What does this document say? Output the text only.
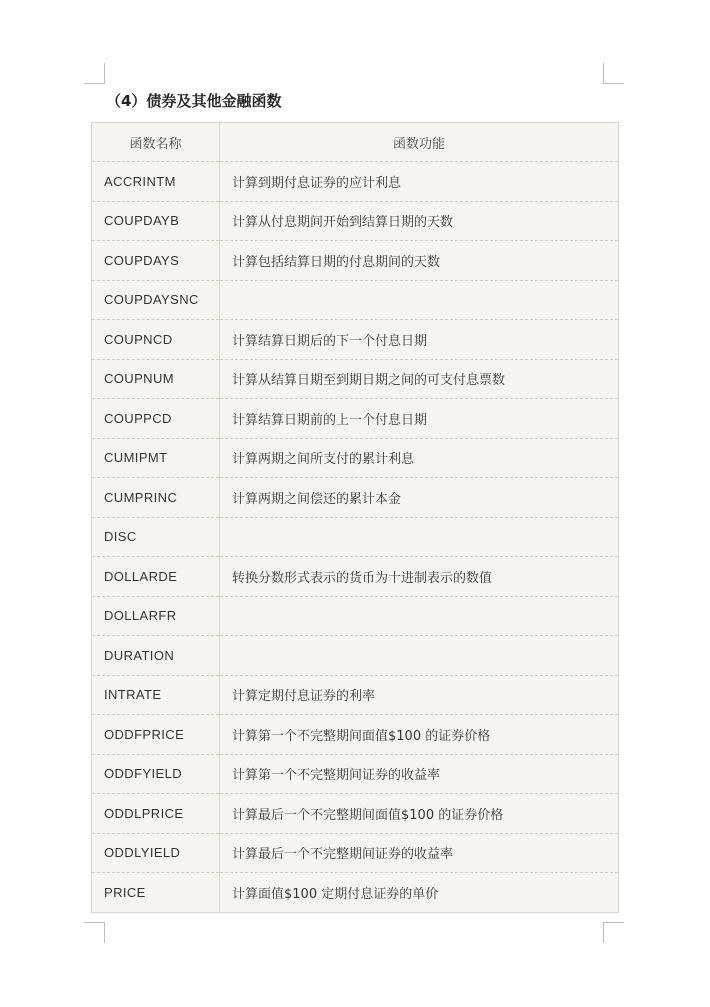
（4）债券及其他金融函数
函数名称	函数功能
ACCRINTM	计算到期付息证券的应计利息
COUPDAYB	计算从付息期间开始到结算日期的天数
COUPDAYS	计算包括结算日期的付息期间的天数
COUPDAYSNC	
COUPNCD	计算结算日期后的下一个付息日期
COUPNUM	计算从结算日期至到期日期之间的可支付息票数
COUPPCD	计算结算日期前的上一个付息日期
CUMIPMT	计算两期之间所支付的累计利息
CUMPRINC	计算两期之间偿还的累计本金
DISC	
DOLLARDE	转换分数形式表示的货币为十进制表示的数值
DOLLARFR	
DURATION	
INTRATE	计算定期付息证券的利率
ODDFPRICE	计算第一个不完整期间面值$100 的证券价格
ODDFYIELD	计算第一个不完整期间证券的收益率
ODDLPRICE	计算最后一个不完整期间面值$100 的证券价格
ODDLYIELD	计算最后一个不完整期间证券的收益率
PRICE	计算面值$100 定期付息证券的单价
